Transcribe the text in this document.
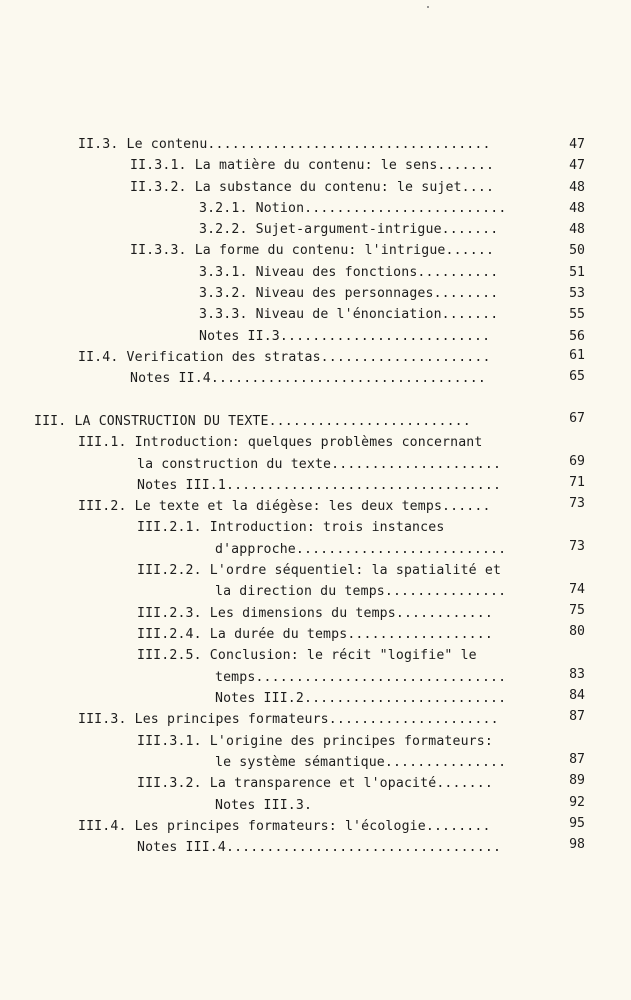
II.3. Le contenu...................................	47
II.3.1. La matière du contenu: le sens.......	47
II.3.2. La substance du contenu: le sujet....	48
3.2.1. Notion.........................	48
3.2.2. Sujet-argument-intrigue.......	48
II.3.3. La forme du contenu: l'intrigue......	50
3.3.1. Niveau des fonctions..........	51
3.3.2. Niveau des personnages........	53
3.3.3. Niveau de l'énonciation.......	55
Notes II.3..........................	56
II.4. Verification des stratas.....................	61
Notes II.4..................................	65
III. LA CONSTRUCTION DU TEXTE.........................	67
III.1. Introduction: quelques problèmes concernant
la construction du texte.....................	69
Notes III.1..................................	71
III.2. Le texte et la diégèse: les deux temps......	73
III.2.1. Introduction: trois instances
d'approche..........................	73
III.2.2. L'ordre séquentiel: la spatialité et
la direction du temps...............	74
III.2.3. Les dimensions du temps............	75
III.2.4. La durée du temps..................	80
III.2.5. Conclusion: le récit "logifie" le
temps...............................	83
Notes III.2.........................	84
III.3. Les principes formateurs.....................	87
III.3.1. L'origine des principes formateurs:
le système sémantique...............	87
III.3.2. La transparence et l'opacité.......	89
Notes III.3.	92
III.4. Les principes formateurs: l'écologie........	95
Notes III.4..................................	98
